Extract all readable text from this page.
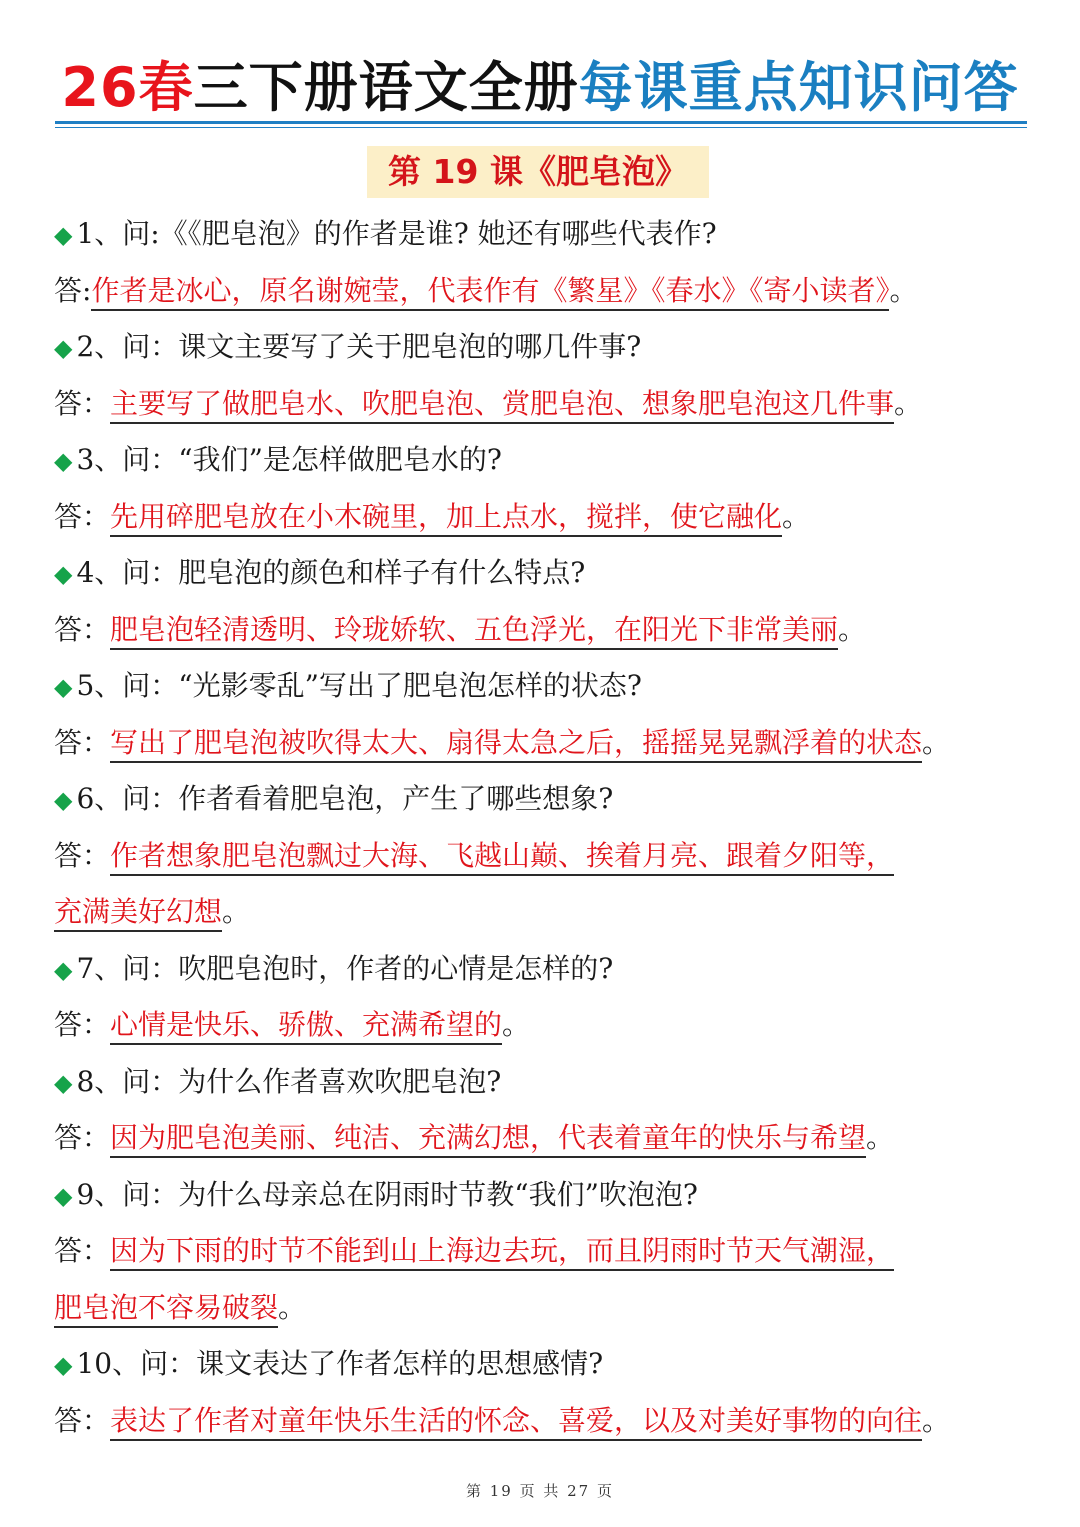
26春三下册语文全册每课重点知识问答
第 19 课《肥皂泡》
◆ 1、问:《《肥皂泡》的作者是谁? 她还有哪些代表作?
答:作者是冰心，原名谢婉莹，代表作有《繁星》《春水》《寄小读者》。
◆ 2、问：课文主要写了关于肥皂泡的哪几件事?
答：主要写了做肥皂水、吹肥皂泡、赏肥皂泡、想象肥皂泡这几件事。
◆ 3、问：“我们”是怎样做肥皂水的?
答：先用碎肥皂放在小木碗里，加上点水，搅拌，使它融化。
◆ 4、问：肥皂泡的颜色和样子有什么特点?
答：肥皂泡轻清透明、玲珑娇软、五色浮光，在阳光下非常美丽。
◆ 5、问：“光影零乱”写出了肥皂泡怎样的状态?
答：写出了肥皂泡被吹得太大、扇得太急之后，摇摇晃晃飘浮着的状态。
◆ 6、问：作者看着肥皂泡，产生了哪些想象?
答：作者想象肥皂泡飘过大海、飞越山巅、挨着月亮、跟着夕阳等，
充满美好幻想。
◆ 7、问：吹肥皂泡时，作者的心情是怎样的?
答：心情是快乐、骄傲、充满希望的。
◆ 8、问：为什么作者喜欢吹肥皂泡?
答：因为肥皂泡美丽、纯洁、充满幻想，代表着童年的快乐与希望。
◆ 9、问：为什么母亲总在阴雨时节教“我们”吹泡泡?
答：因为下雨的时节不能到山上海边去玩，而且阴雨时节天气潮湿，
肥皂泡不容易破裂。
◆ 10、问：课文表达了作者怎样的思想感情?
答：表达了作者对童年快乐生活的怀念、喜爱，以及对美好事物的向往。
第 19 页 共 27 页
